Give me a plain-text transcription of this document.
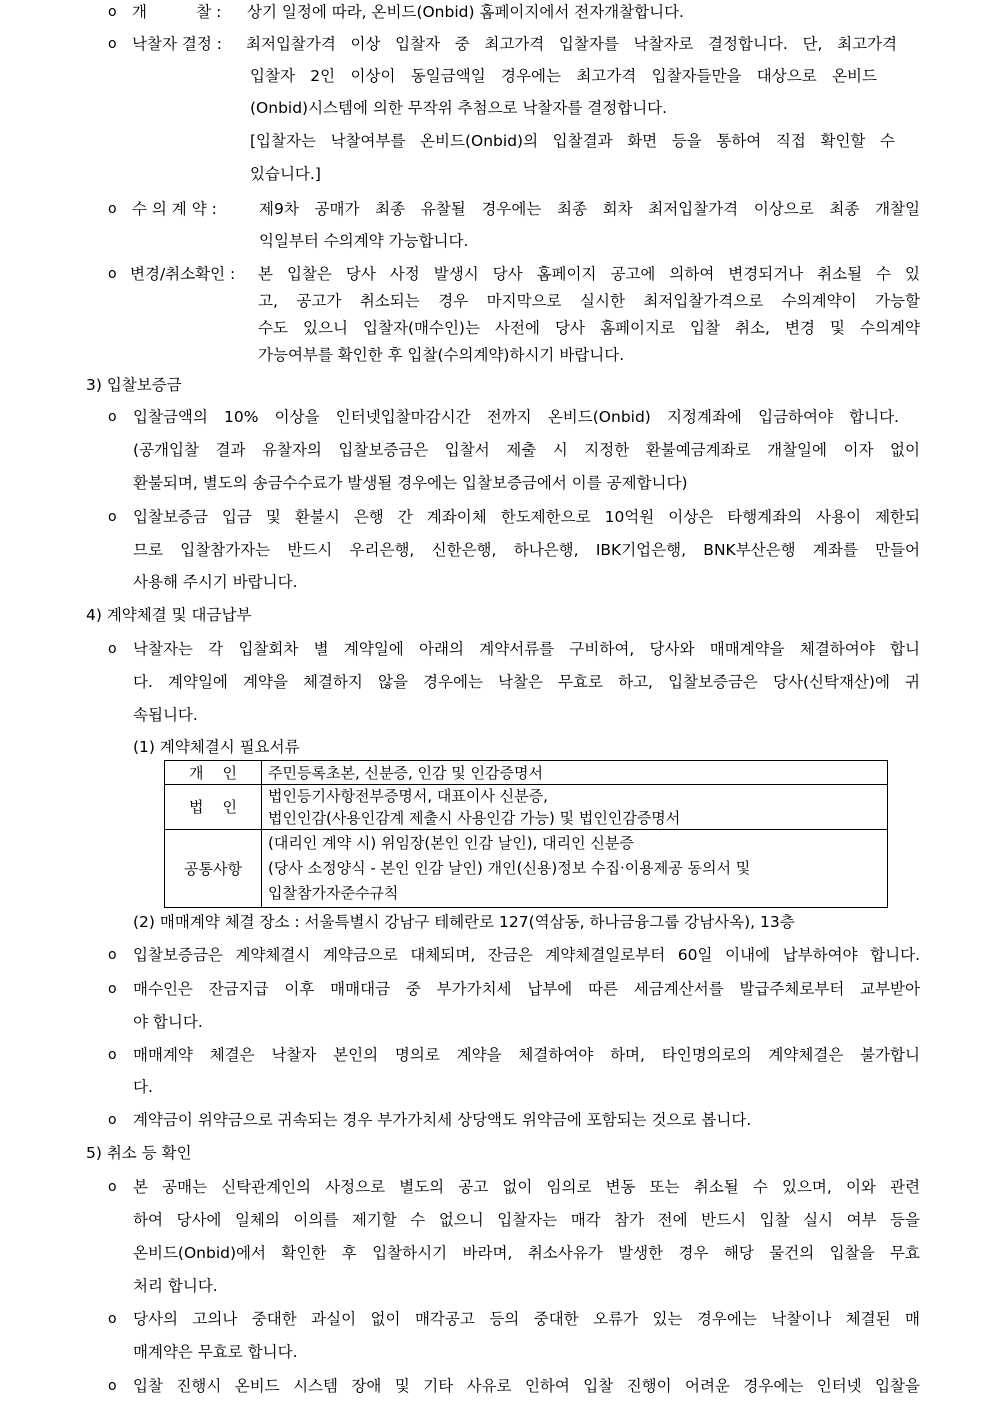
o 개          찰 : 상기 일정에 따라, 온비드(Onbid) 홈페이지에서 전자개찰합니다.
o 낙찰자 결정 : 최저입찰가격 이상 입찰자 중 최고가격 입찰자를 낙찰자로 결정합니다. 단, 최고가격
입찰자 2인 이상이 동일금액일 경우에는 최고가격 입찰자들만을 대상으로 온비드
(Onbid)시스템에 의한 무작위 추첨으로 낙찰자를 결정합니다.
[입찰자는 낙찰여부를 온비드(Onbid)의 입찰결과 화면 등을 통하여 직접 확인할 수
있습니다.]
o 수 의 계 약 :	제9차 공매가 최종 유찰될 경우에는 최종 회차 최저입찰가격 이상으로 최종 개찰일
익일부터 수의계약 가능합니다.
o 변경/취소확인 : 본 입찰은 당사 사정 발생시 당사 홈페이지 공고에 의하여 변경되거나 취소될 수 있
고, 공고가 취소되는 경우 마지막으로 실시한 최저입찰가격으로 수의계약이 가능할
수도 있으니 입찰자(매수인)는 사전에 당사 홈페이지로 입찰 취소, 변경 및 수의계약
가능여부를 확인한 후 입찰(수의계약)하시기 바랍니다.
3) 입찰보증금
o 입찰금액의 10% 이상을 인터넷입찰마감시간 전까지 온비드(Onbid) 지정계좌에 입금하여야 합니다.
(공개입찰 결과 유찰자의 입찰보증금은 입찰서 제출 시 지정한 환불예금계좌로 개찰일에 이자 없이
환불되며, 별도의 송금수수료가 발생될 경우에는 입찰보증금에서 이를 공제합니다)
o 입찰보증금 입금 및 환불시 은행 간 계좌이체 한도제한으로 10억원 이상은 타행계좌의 사용이 제한되
므로 입찰참가자는 반드시 우리은행, 신한은행, 하나은행, IBK기업은행, BNK부산은행 계좌를 만들어
사용해 주시기 바랍니다.
4) 계약체결 및 대금납부
o 낙찰자는 각 입찰회차 별 계약일에 아래의 계약서류를 구비하여, 당사와 매매계약을 체결하여야 합니
다. 계약일에 계약을 체결하지 않을 경우에는 낙찰은 무효로 하고, 입찰보증금은 당사(신탁재산)에 귀
속됩니다.
(1) 계약체결시 필요서류
개    인	주민등록초본, 신분증, 인감 및 인감증명서
법    인	법인등기사항전부증명서, 대표이사 신분증,
법인인감(사용인감계 제출시 사용인감 가능) 및 법인인감증명서

공통사항	(대리인 계약 시) 위임장(본인 인감 날인), 대리인 신분증
(당사 소정양식 - 본인 인감 날인) 개인(신용)정보 수집·이용제공 동의서 및
입찰참가자준수규칙
(2) 매매계약 체결 장소 : 서울특별시 강남구 테헤란로 127(역삼동, 하나금융그룹 강남사옥), 13층
o 입찰보증금은 계약체결시 계약금으로 대체되며, 잔금은 계약체결일로부터 60일 이내에 납부하여야 합니다.
o 매수인은 잔금지급 이후 매매대금 중 부가가치세 납부에 따른 세금계산서를 발급주체로부터 교부받아
야 합니다.
o 매매계약 체결은 낙찰자 본인의 명의로 계약을 체결하여야 하며, 타인명의로의 계약체결은 불가합니
다.
o 계약금이 위약금으로 귀속되는 경우 부가가치세 상당액도 위약금에 포함되는 것으로 봅니다.
5) 취소 등 확인
o 본 공매는 신탁관계인의 사정으로 별도의 공고 없이 임의로 변동 또는 취소될 수 있으며, 이와 관련
하여 당사에 일체의 이의를 제기할 수 없으니 입찰자는 매각 참가 전에 반드시 입찰 실시 여부 등을
온비드(Onbid)에서 확인한 후 입찰하시기 바라며, 취소사유가 발생한 경우 해당 물건의 입찰을 무효
처리 합니다.
o 당사의 고의나 중대한 과실이 없이 매각공고 등의 중대한 오류가 있는 경우에는 낙찰이나 체결된 매
매계약은 무효로 합니다.
o 입찰 진행시 온비드 시스템 장애 및 기타 사유로 인하여 입찰 진행이 어려운 경우에는 인터넷 입찰을
